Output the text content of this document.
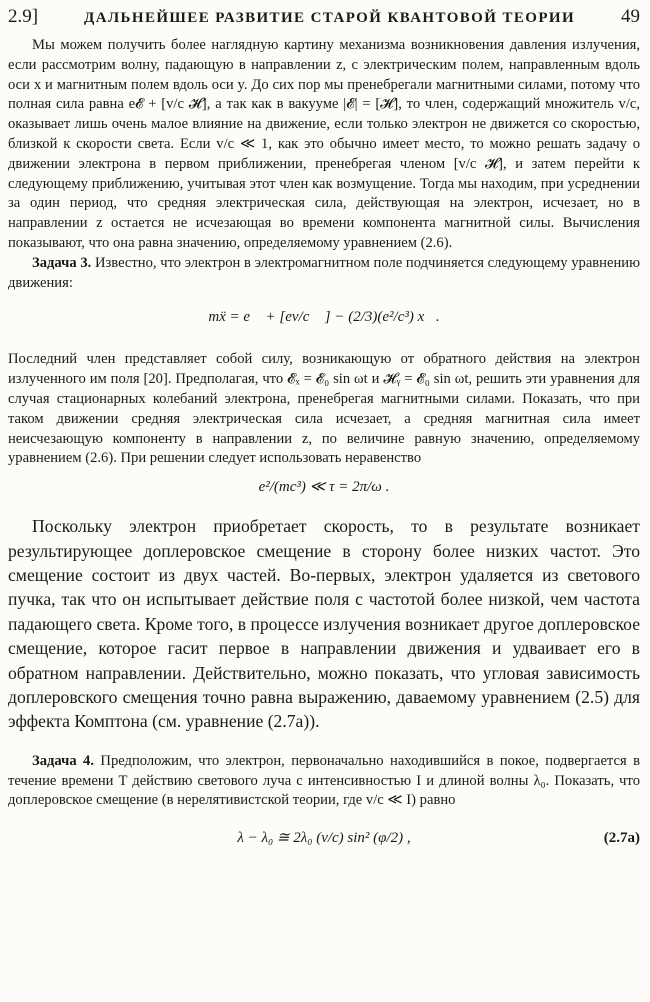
2.9]	ДАЛЬНЕЙШЕЕ РАЗВИТИЕ СТАРОЙ КВАНТОВОЙ ТЕОРИИ 49

Мы можем получить более наглядную картину механизма возникновения давления излучения, если рассмотрим волну, падающую в направлении z, с электрическим полем, направленным вдоль оси x и магнитным полем вдоль оси y. До сих пор мы пренебрегали магнитными силами, потому что полная сила равна e𝓔 + [v/c 𝓗], а так как в вакууме |𝓔| = [𝓗], то член, содержащий множитель v/c, оказывает лишь очень малое влияние на движение, если только электрон не движется со скоростью, близкой к скорости света. Если v/c ≪ 1, как это обычно имеет место, то можно решать задачу о движении электрона в первом приближении, пренебрегая членом [v/c 𝓗], и затем перейти к следующему приближению, учитывая этот член как возмущение. Тогда мы находим, при усреднении за один период, что средняя электрическая сила, действующая на электрон, исчезает, но в направлении z остается не исчезающая во времени компонента магнитной силы. Вычисления показывают, что она равна значению, определяемому уравнением (2.6).

Задача 3. Известно, что электрон в электромагнитном поле подчиняется следующему уравнению движения:

mẍ = e𝓔 + [ev/c 𝓗] − (2/3)(e²/c³) x⃛.

Последний член представляет собой силу, возникающую от обратного действия на электрон излученного им поля [20]. Предполагая, что 𝓔ₓ = 𝓔₀ sin ωt и 𝓗ᵧ = 𝓔₀ sin ωt, решить эти уравнения для случая стационарных колебаний электрона, пренебрегая магнитными силами. Показать, что при таком движении средняя электрическая сила исчезает, а средняя магнитная сила имеет неисчезающую компоненту в направлении z, по величине равную значению, определяемому уравнением (2.6). При решении следует использовать неравенство

e²/(mc³) ≪ τ = 2π/ω .

Поскольку электрон приобретает скорость, то в результате возникает результирующее доплеровское смещение в сторону более низких частот. Это смещение состоит из двух частей. Во-первых, электрон удаляется из светового пучка, так что он испытывает действие поля с частотой более низкой, чем частота падающего света. Кроме того, в процессе излучения возникает другое доплеровское смещение, которое гасит первое в направлении движения и удваивает его в обратном направлении. Действительно, можно показать, что угловая зависимость доплеровского смещения точно равна выражению, даваемому уравнением (2.5) для эффекта Комптона (см. уравнение (2.7а)).

Задача 4. Предположим, что электрон, первоначально находившийся в покое, подвергается в течение времени T действию светового луча с интенсивностью I и длиной волны λ₀. Показать, что доплеровское смещение (в нерелятивистской теории, где v/c ≪ I) равно

λ − λ₀ ≅ 2λ₀ (v/c) sin² (φ/2) ,	(2.7а)
